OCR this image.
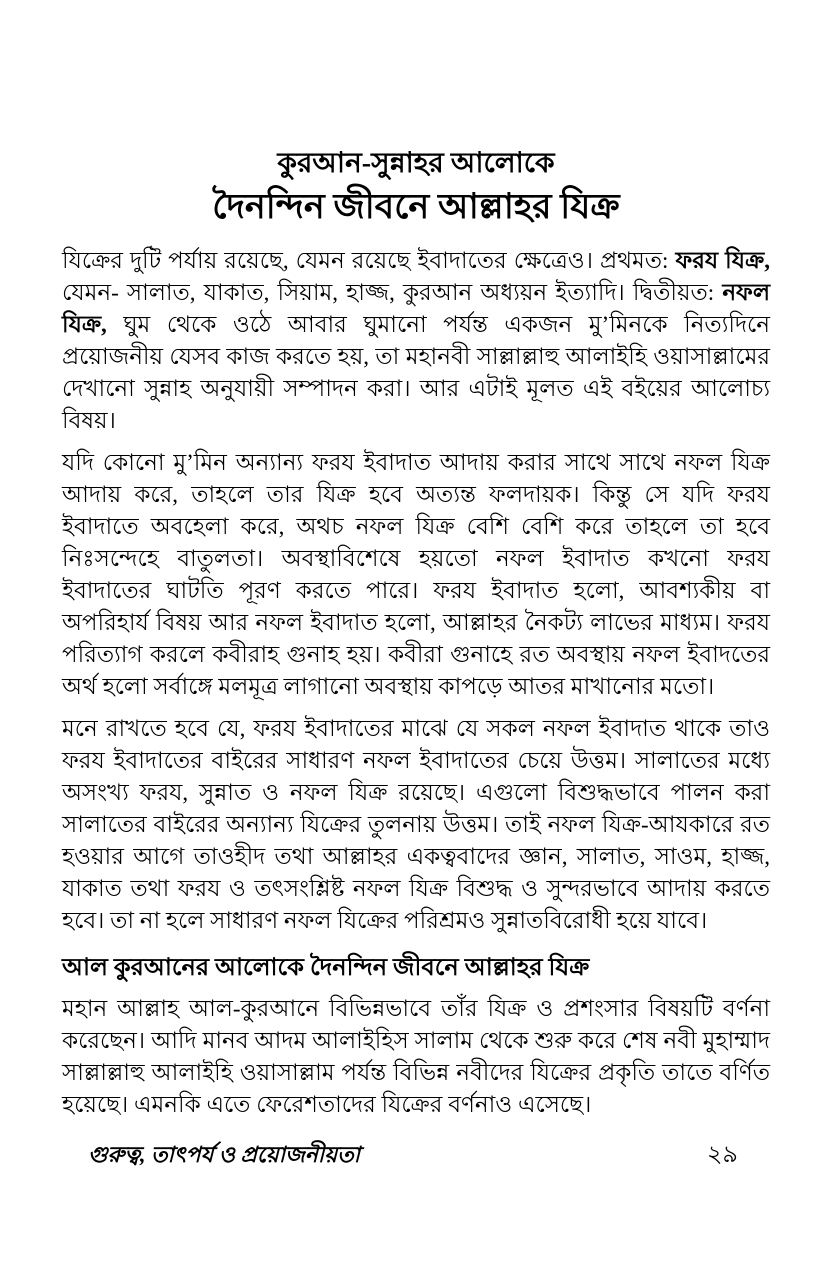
কুরআন-সুন্নাহর আলোকে
দৈনন্দিন জীবনে আল্লাহর যিক্র

যিক্রের দুটি পর্যায় রয়েছে, যেমন রয়েছে ইবাদাতের ক্ষেত্রেও। প্রথমত: ফরয যিক্র, যেমন- সালাত, যাকাত, সিয়াম, হাজ্জ, কুরআন অধ্যয়ন ইত্যাদি। দ্বিতীয়ত: নফল যিক্র, ঘুম থেকে ওঠে আবার ঘুমানো পর্যন্ত একজন মু’মিনকে নিত্যদিনে প্রয়োজনীয় যেসব কাজ করতে হয়, তা মহানবী সাল্লাল্লাহু আলাইহি ওয়াসাল্লামের দেখানো সুন্নাহ অনুযায়ী সম্পাদন করা। আর এটাই মূলত এই বইয়ের আলোচ্য বিষয়।

যদি কোনো মু’মিন অন্যান্য ফরয ইবাদাত আদায় করার সাথে সাথে নফল যিক্র আদায় করে, তাহলে তার যিক্র হবে অত্যন্ত ফলদায়ক। কিন্তু সে যদি ফরয ইবাদাতে অবহেলা করে, অথচ নফল যিক্র বেশি বেশি করে তাহলে তা হবে নিঃসন্দেহে বাতুলতা। অবস্থাবিশেষে হয়তো নফল ইবাদাত কখনো ফরয ইবাদাতের ঘাটতি পূরণ করতে পারে। ফরয ইবাদাত হলো, আবশ্যকীয় বা অপরিহার্য বিষয় আর নফল ইবাদাত হলো, আল্লাহর নৈকট্য লাভের মাধ্যম। ফরয পরিত্যাগ করলে কবীরাহ গুনাহ হয়। কবীরা গুনাহে রত অবস্থায় নফল ইবাদতের অর্থ হলো সর্বাঙ্গে মলমূত্র লাগানো অবস্থায় কাপড়ে আতর মাখানোর মতো।

মনে রাখতে হবে যে, ফরয ইবাদাতের মাঝে যে সকল নফল ইবাদাত থাকে তাও ফরয ইবাদাতের বাইরের সাধারণ নফল ইবাদাতের চেয়ে উত্তম। সালাতের মধ্যে অসংখ্য ফরয, সুন্নাত ও নফল যিক্র রয়েছে। এগুলো বিশুদ্ধভাবে পালন করা সালাতের বাইরের অন্যান্য যিক্রের তুলনায় উত্তম। তাই নফল যিক্র-আযকারে রত হওয়ার আগে তাওহীদ তথা আল্লাহর একত্ববাদের জ্ঞান, সালাত, সাওম, হাজ্জ, যাকাত তথা ফরয ও তৎসংশ্লিষ্ট নফল যিক্র বিশুদ্ধ ও সুন্দরভাবে আদায় করতে হবে। তা না হলে সাধারণ নফল যিক্রের পরিশ্রমও সুন্নাতবিরোধী হয়ে যাবে।

আল কুরআনের আলোকে দৈনন্দিন জীবনে আল্লাহর যিক্র

মহান আল্লাহ আল-কুরআনে বিভিন্নভাবে তাঁর যিক্র ও প্রশংসার বিষয়টি বর্ণনা করেছেন। আদি মানব আদম আলাইহিস সালাম থেকে শুরু করে শেষ নবী মুহাম্মাদ সাল্লাল্লাহু আলাইহি ওয়াসাল্লাম পর্যন্ত বিভিন্ন নবীদের যিক্রের প্রকৃতি তাতে বর্ণিত হয়েছে। এমনকি এতে ফেরেশতাদের যিক্রের বর্ণনাও এসেছে।

গুরুত্ব, তাৎপর্য ও প্রয়োজনীয়তা	২৯
